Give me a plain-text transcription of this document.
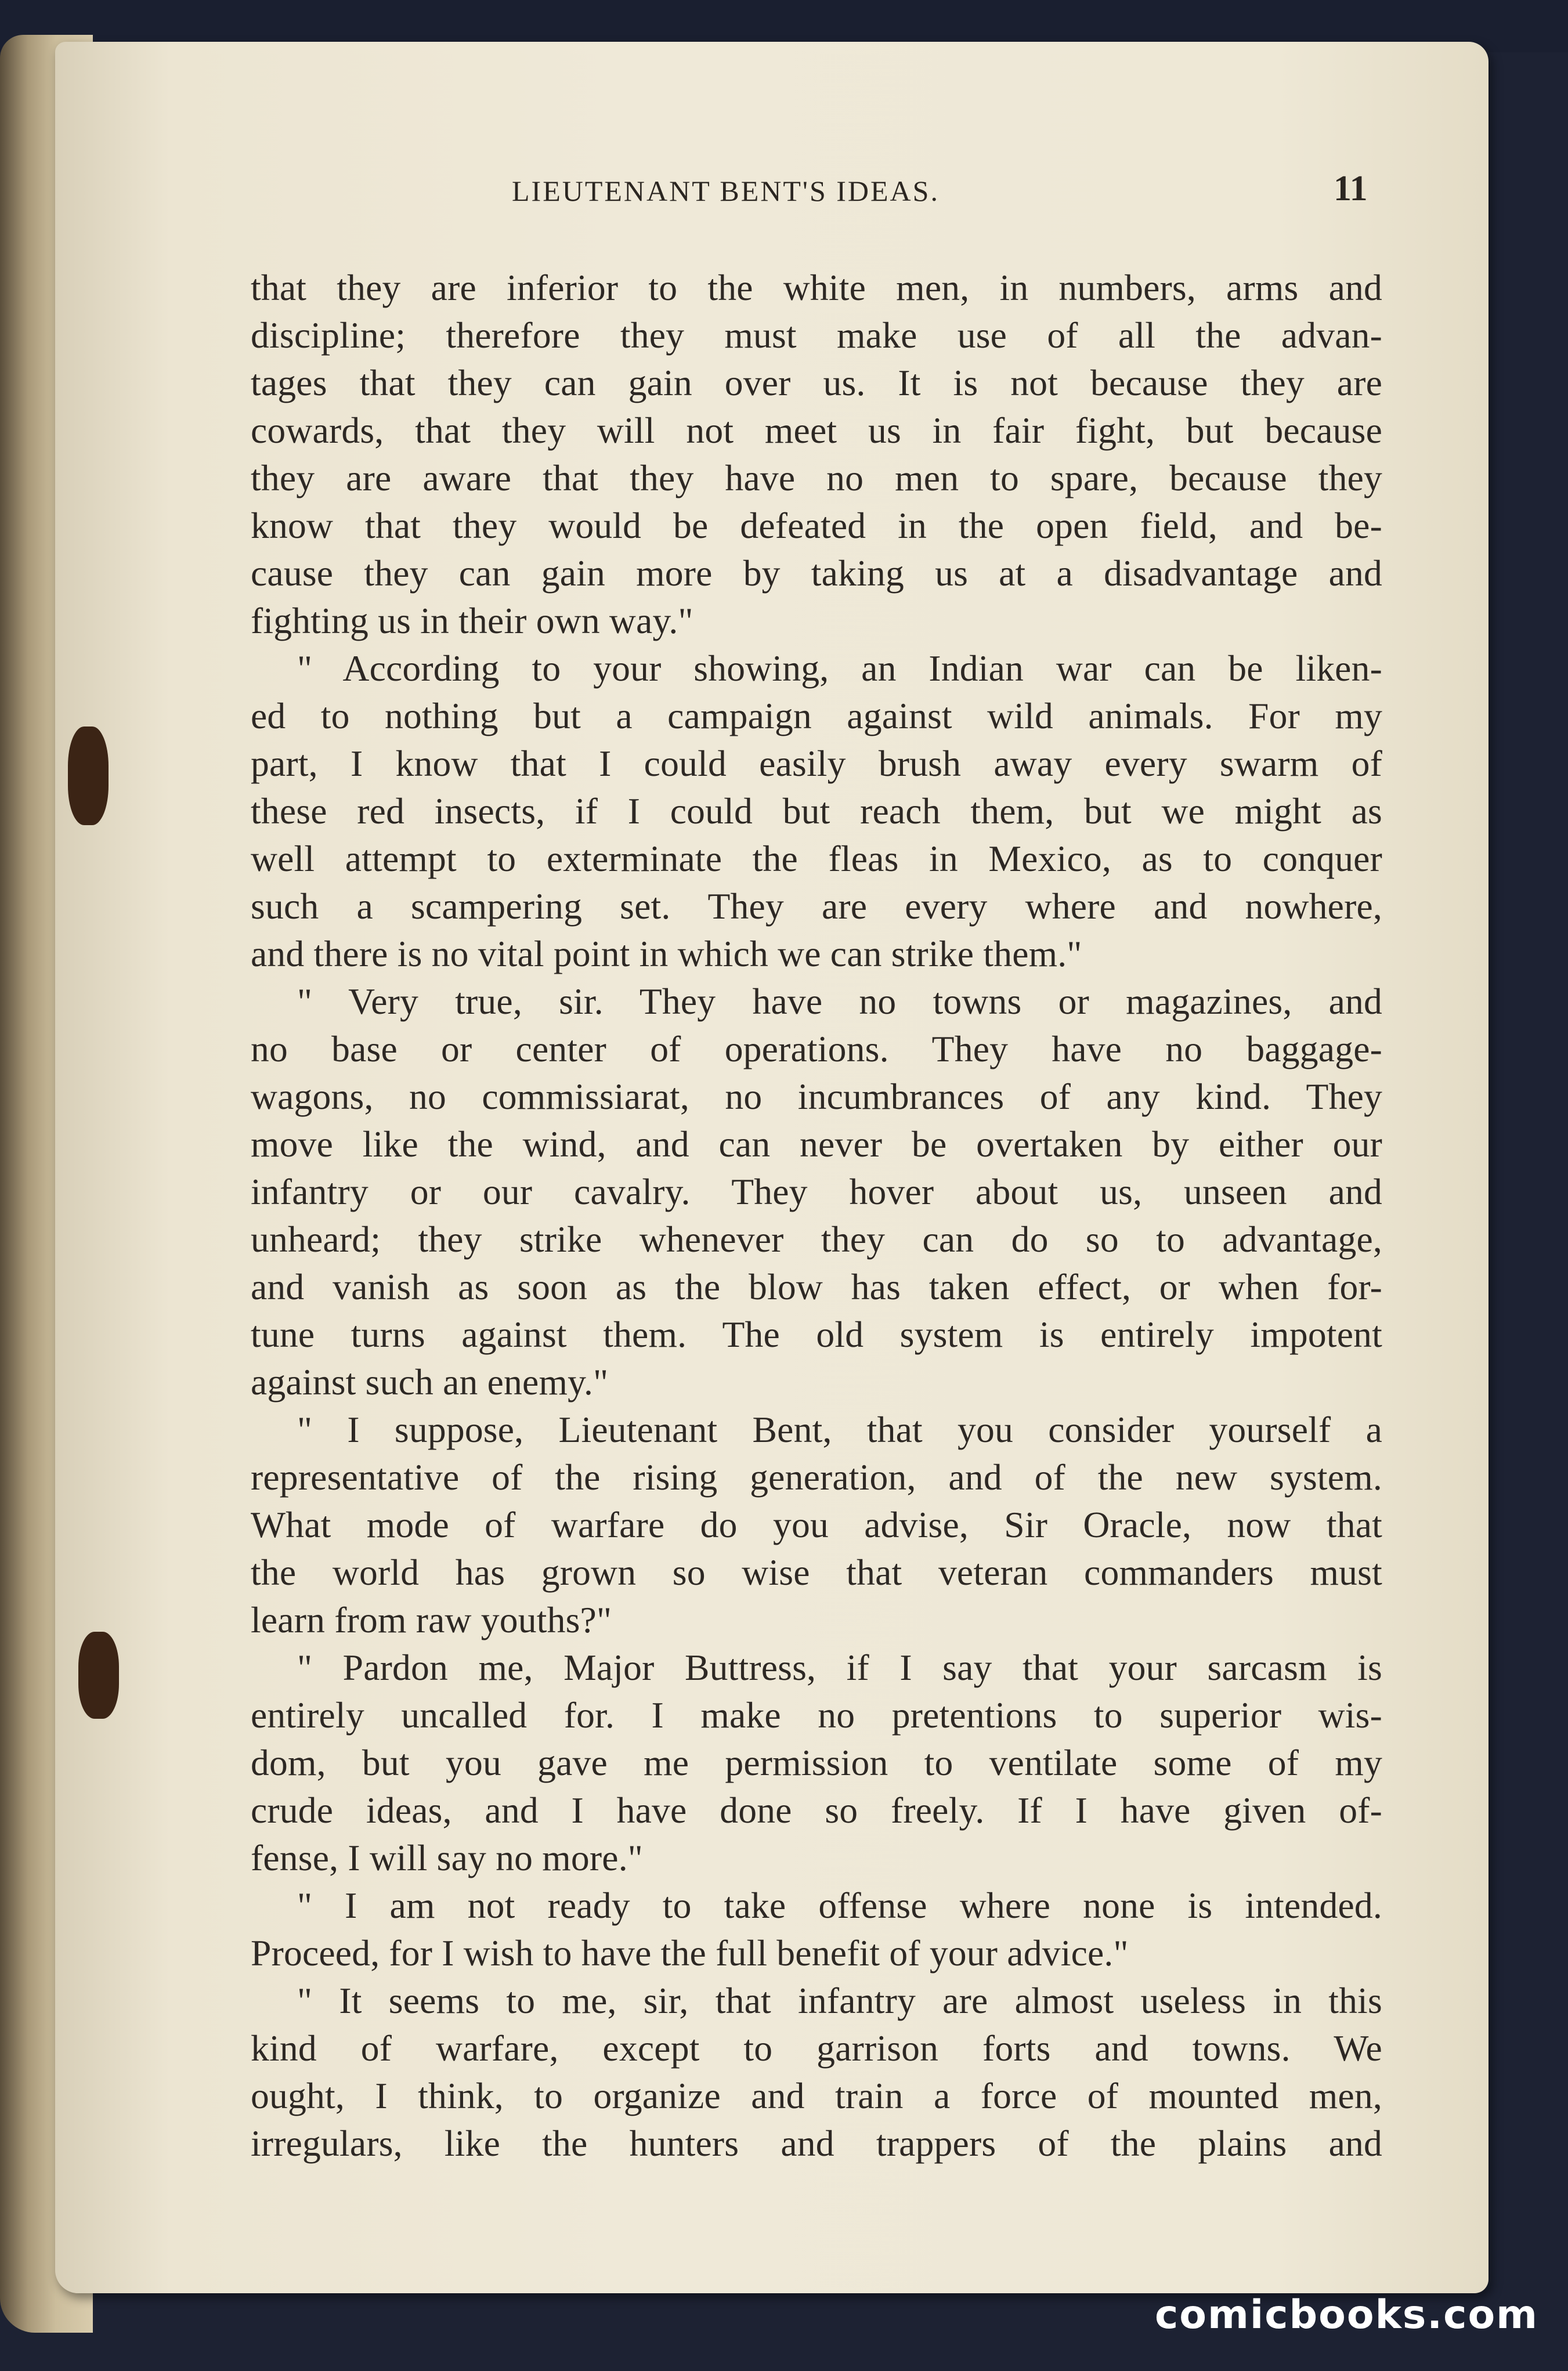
LIEUTENANT BENT'S IDEAS.	11
that they are inferior to the white men, in numbers, arms and
discipline; therefore they must make use of all the advan-
tages that they can gain over us. It is not because they are
cowards, that they will not meet us in fair fight, but because
they are aware that they have no men to spare, because they
know that they would be defeated in the open field, and be-
cause they can gain more by taking us at a disadvantage and
fighting us in their own way."
" According to your showing, an Indian war can be liken-
ed to nothing but a campaign against wild animals. For my
part, I know that I could easily brush away every swarm of
these red insects, if I could but reach them, but we might as
well attempt to exterminate the fleas in Mexico, as to conquer
such a scampering set. They are every where and nowhere,
and there is no vital point in which we can strike them."
" Very true, sir. They have no towns or magazines, and
no base or center of operations. They have no baggage-
wagons, no commissiarat, no incumbrances of any kind. They
move like the wind, and can never be overtaken by either our
infantry or our cavalry. They hover about us, unseen and
unheard; they strike whenever they can do so to advantage,
and vanish as soon as the blow has taken effect, or when for-
tune turns against them. The old system is entirely impotent
against such an enemy."
" I suppose, Lieutenant Bent, that you consider yourself a
representative of the rising generation, and of the new system.
What mode of warfare do you advise, Sir Oracle, now that
the world has grown so wise that veteran commanders must
learn from raw youths?"
" Pardon me, Major Buttress, if I say that your sarcasm is
entirely uncalled for. I make no pretentions to superior wis-
dom, but you gave me permission to ventilate some of my
crude ideas, and I have done so freely. If I have given of-
fense, I will say no more."
" I am not ready to take offense where none is intended.
Proceed, for I wish to have the full benefit of your advice."
" It seems to me, sir, that infantry are almost useless in this
kind of warfare, except to garrison forts and towns. We
ought, I think, to organize and train a force of mounted men,
irregulars, like the hunters and trappers of the plains and
comicbooks.com
